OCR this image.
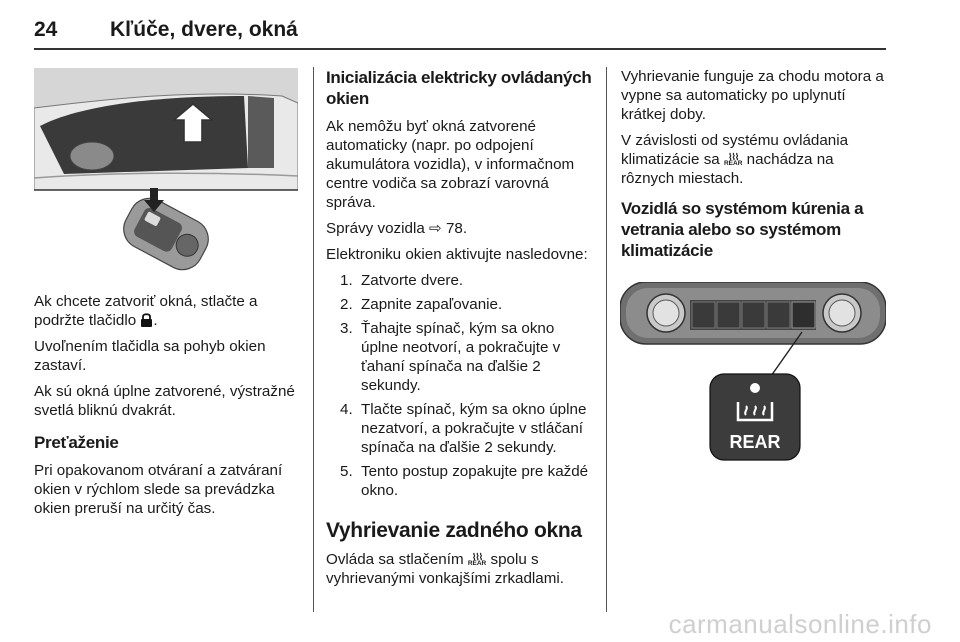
24	Kľúče, dvere, okná

Ak chcete zatvoriť okná, stlačte a podržte tlačidlo .

Uvoľnením tlačidla sa pohyb okien zastaví.

Ak sú okná úplne zatvorené, výstražné svetlá bliknú dvakrát.

Preťaženie

Pri opakovanom otváraní a zatváraní okien v rýchlom slede sa prevádzka okien preruší na určitý čas.

Inicializácia elektricky ovládaných okien

Ak nemôžu byť okná zatvorené automaticky (napr. po odpojení akumulátora vozidla), v informačnom centre vodiča sa zobrazí varovná správa.

Správy vozidla ⇨ 78.

Elektroniku okien aktivujte nasledovne:

1. Zatvorte dvere.
2. Zapnite zapaľovanie.
3. Ťahajte spínač, kým sa okno úplne neotvorí, a pokračujte v ťahaní spínača na ďalšie 2 sekundy.
4. Tlačte spínač, kým sa okno úplne nezatvorí, a pokračujte v stláčaní spínača na ďalšie 2 sekundy.
5. Tento postup zopakujte pre každé okno.
Vyhrievanie zadného okna

Ovláda sa stlačením ⌇⌇⌇
REAR spolu s vyhrievanými vonkajšími zrkadlami.

Vyhrievanie funguje za chodu motora a vypne sa automaticky po uplynutí krátkej doby.

V závislosti od systému ovládania klimatizácie sa ⌇⌇⌇
REAR nachádza na rôznych miestach.

Vozidlá so systémom kúrenia a vetrania alebo so systémom klimatizácie
REAR
carmanualsonline.info
